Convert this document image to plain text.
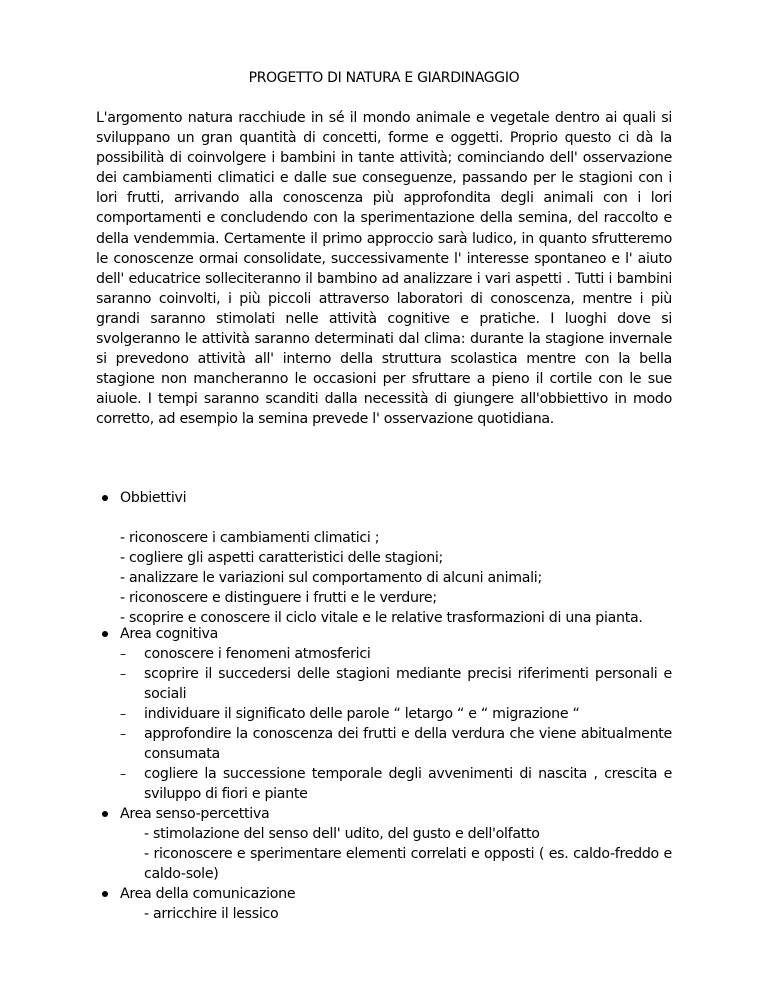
PROGETTO DI NATURA E GIARDINAGGIO

L'argomento natura racchiude in sé il mondo animale e vegetale dentro ai quali si sviluppano un gran quantità di concetti, forme e oggetti. Proprio questo ci dà la possibilità di coinvolgere i bambini in tante attività; cominciando dell' osservazione dei cambiamenti climatici e dalle sue conseguenze, passando per le stagioni con i lori frutti, arrivando alla conoscenza più approfondita degli animali con i lori comportamenti e concludendo con la sperimentazione della semina, del raccolto e della vendemmia. Certamente il primo approccio sarà ludico, in quanto sfrutteremo le conoscenze ormai consolidate, successivamente l' interesse spontaneo e l' aiuto dell' educatrice solleciteranno il bambino ad analizzare i vari aspetti . Tutti i bambini saranno coinvolti, i più piccoli attraverso laboratori di conoscenza, mentre i più grandi saranno stimolati nelle attività cognitive e pratiche. I luoghi dove si svolgeranno le attività saranno determinati dal clima: durante la stagione invernale si prevedono attività all' interno della struttura scolastica mentre con la bella stagione non mancheranno le occasioni per sfruttare a pieno il cortile con le sue aiuole. I tempi saranno scanditi dalla necessità di giungere all'obbiettivo in modo corretto, ad esempio la semina prevede l' osservazione quotidiana.

Obbiettivi
- riconoscere i cambiamenti climatici ;
- cogliere gli aspetti caratteristici delle stagioni;
- analizzare le variazioni sul comportamento di alcuni animali;
- riconoscere e distinguere i frutti e le verdure;
- scoprire e conoscere il ciclo vitale e le relative trasformazioni di una pianta.
Area cognitiva
–	conoscere i fenomeni atmosferici
–	scoprire il succedersi delle stagioni mediante precisi riferimenti personali e sociali
–	individuare il significato delle parole “ letargo “ e “ migrazione “
–	approfondire la conoscenza dei frutti e della verdura che viene abitualmente consumata
–	cogliere la successione temporale degli avvenimenti di nascita , crescita e sviluppo di fiori e piante
Area senso-percettiva

- stimolazione del senso dell' udito, del gusto e dell'olfatto

- riconoscere e sperimentare elementi correlati e opposti ( es. caldo-freddo e caldo-sole)

Area della comunicazione

- arricchire il lessico
